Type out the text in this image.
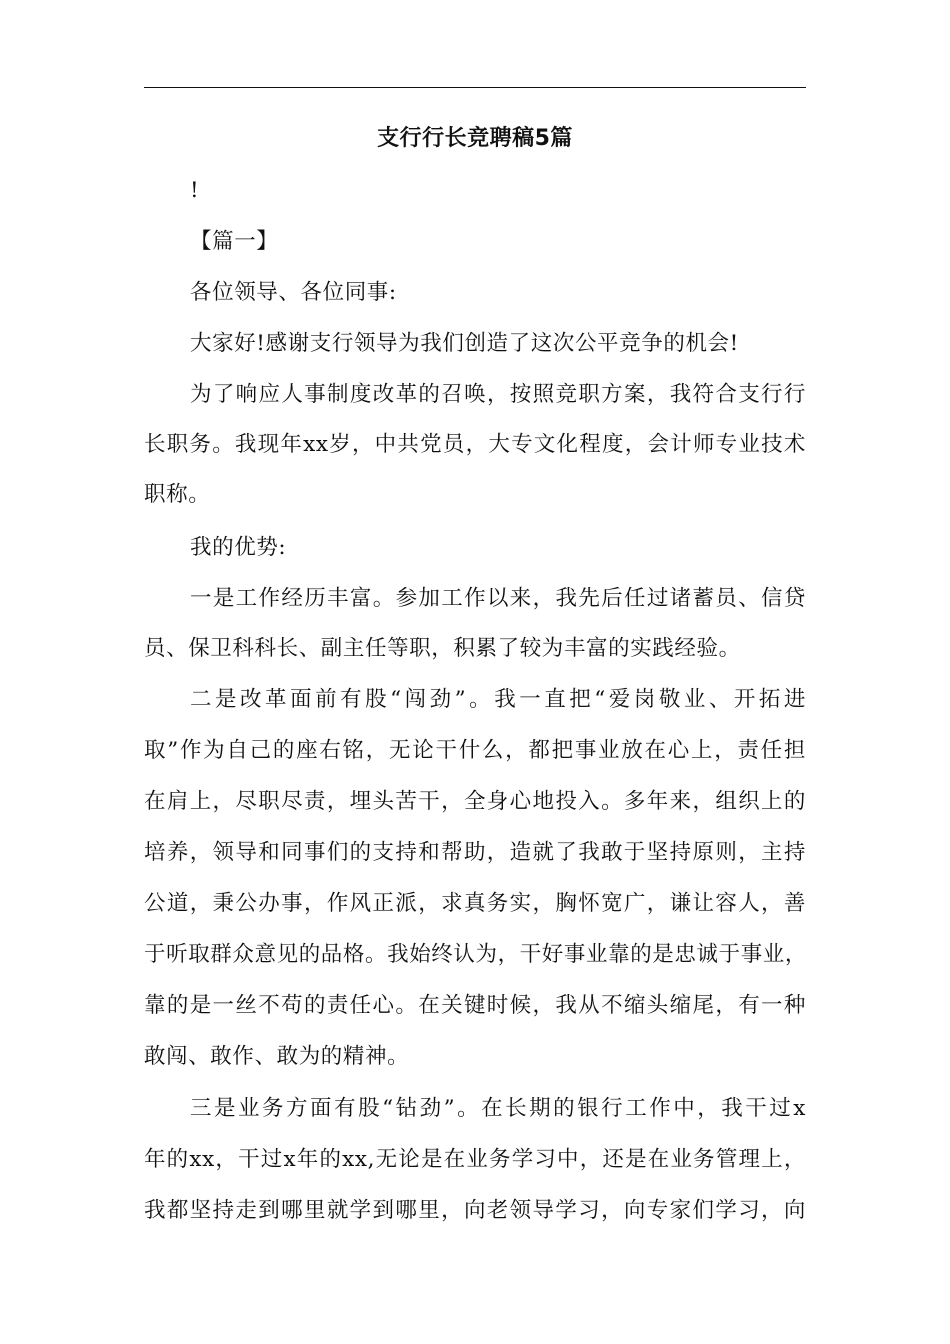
支行行长竞聘稿5篇
!
【篇一】
各位领导、各位同事:
大家好!感谢支行领导为我们创造了这次公平竞争的机会!
为了响应人事制度改革的召唤，按照竞职方案，我符合支行行
长职务。我现年xx岁，中共党员，大专文化程度，会计师专业技术
职称。
我的优势:
一是工作经历丰富。参加工作以来，我先后任过诸蓄员、信贷
员、保卫科科长、副主任等职，积累了较为丰富的实践经验。
二是改革面前有股“闯劲”。我一直把“爱岗敬业、开拓进
取”作为自己的座右铭，无论干什么，都把事业放在心上，责任担
在肩上，尽职尽责，埋头苦干，全身心地投入。多年来，组织上的
培养，领导和同事们的支持和帮助，造就了我敢于坚持原则，主持
公道，秉公办事，作风正派，求真务实，胸怀宽广，谦让容人，善
于听取群众意见的品格。我始终认为，干好事业靠的是忠诚于事业，
靠的是一丝不苟的责任心。在关键时候，我从不缩头缩尾，有一种
敢闯、敢作、敢为的精神。
三是业务方面有股“钻劲”。在长期的银行工作中，我干过x
年的xx，干过x年的xx,无论是在业务学习中，还是在业务管理上，
我都坚持走到哪里就学到哪里，向老领导学习，向专家们学习，向
